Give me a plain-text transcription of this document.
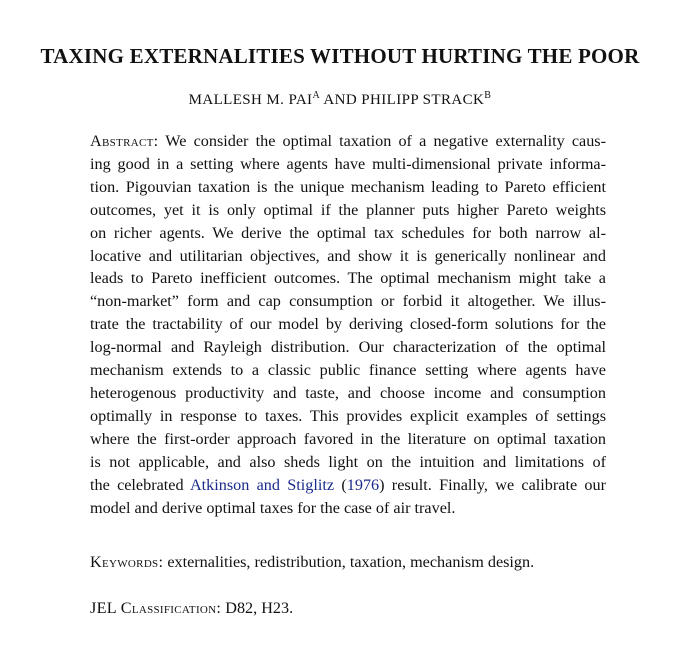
TAXING EXTERNALITIES WITHOUT HURTING THE POOR
MALLESH M. $PAI^A$ AND PHILIPP $STRACK^B$
Abstract: We consider the optimal taxation of a negative externality caus-
ing good in a setting where agents have multi-dimensional private informa-
tion. Pigouvian taxation is the unique mechanism leading to Pareto efficient
outcomes, yet it is only optimal if the planner puts higher Pareto weights
on richer agents. We derive the optimal tax schedules for both narrow al-
locative and utilitarian objectives, and show it is generically nonlinear and
leads to Pareto inefficient outcomes. The optimal mechanism might take a
“non-market” form and cap consumption or forbid it altogether. We illus-
trate the tractability of our model by deriving closed-form solutions for the
log-normal and Rayleigh distribution. Our characterization of the optimal
mechanism extends to a classic public finance setting where agents have
heterogenous productivity and taste, and choose income and consumption
optimally in response to taxes. This provides explicit examples of settings
where the first-order approach favored in the literature on optimal taxation
is not applicable, and also sheds light on the intuition and limitations of
the celebrated Atkinson and Stiglitz (1976) result. Finally, we calibrate our
model and derive optimal taxes for the case of air travel.
Keywords: externalities, redistribution, taxation, mechanism design.
JEL Classification: D82, H23.
